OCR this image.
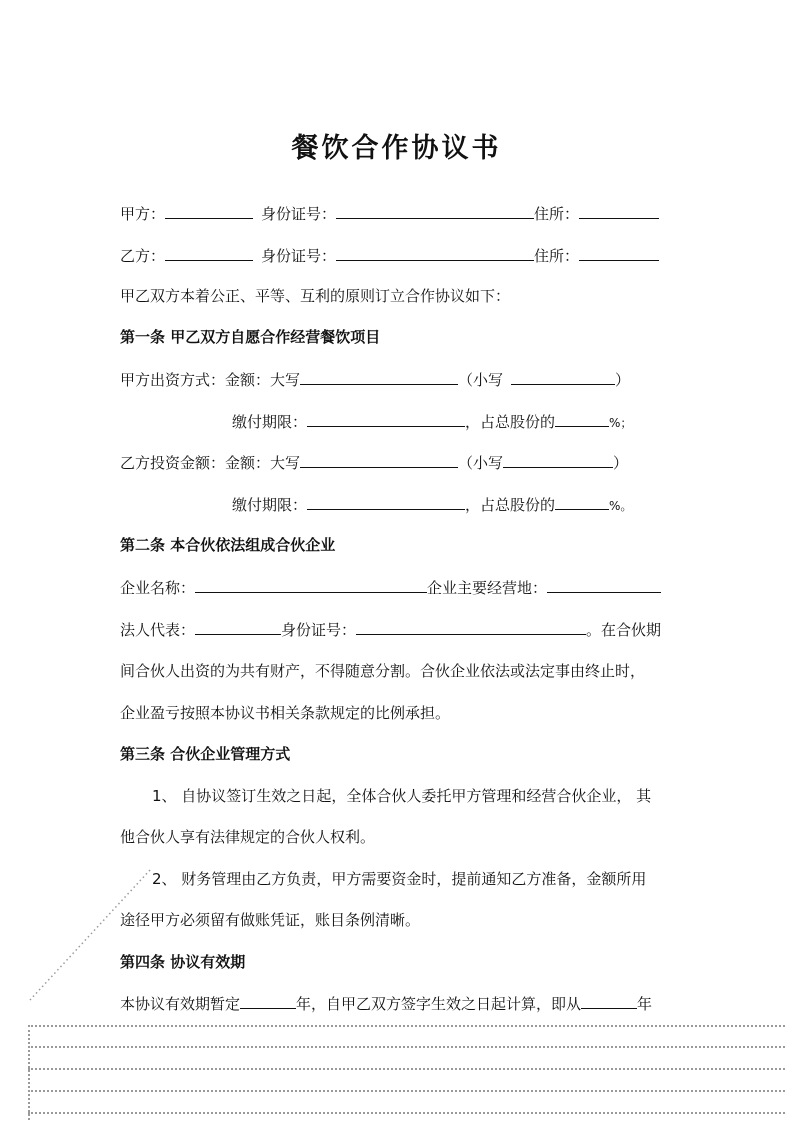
餐饮合作协议书
甲方：	身份证号：	住所：
乙方：	身份证号：	住所：
甲乙双方本着公正、平等、互利的原则订立合作协议如下：
第一条 甲乙双方自愿合作经营餐饮项目
甲方出资方式：金额：大写	（小写	）
缴付期限：	，占总股份的	%；
乙方投资金额：金额：大写	（小写	）
缴付期限：	，占总股份的	%。
第二条 本合伙依法组成合伙企业
企业名称：	企业主要经营地：
法人代表：	身份证号：	。在合伙期
间合伙人出资的为共有财产，不得随意分割。合伙企业依法或法定事由终止时，
企业盈亏按照本协议书相关条款规定的比例承担。
第三条 合伙企业管理方式
1、 自协议签订生效之日起，全体合伙人委托甲方管理和经营合伙企业， 其
他合伙人享有法律规定的合伙人权利。
2、 财务管理由乙方负责，甲方需要资金时，提前通知乙方准备，金额所用
途径甲方必须留有做账凭证，账目条例清晰。
第四条 协议有效期
本协议有效期暂定	年，自甲乙双方签字生效之日起计算，即从	年
